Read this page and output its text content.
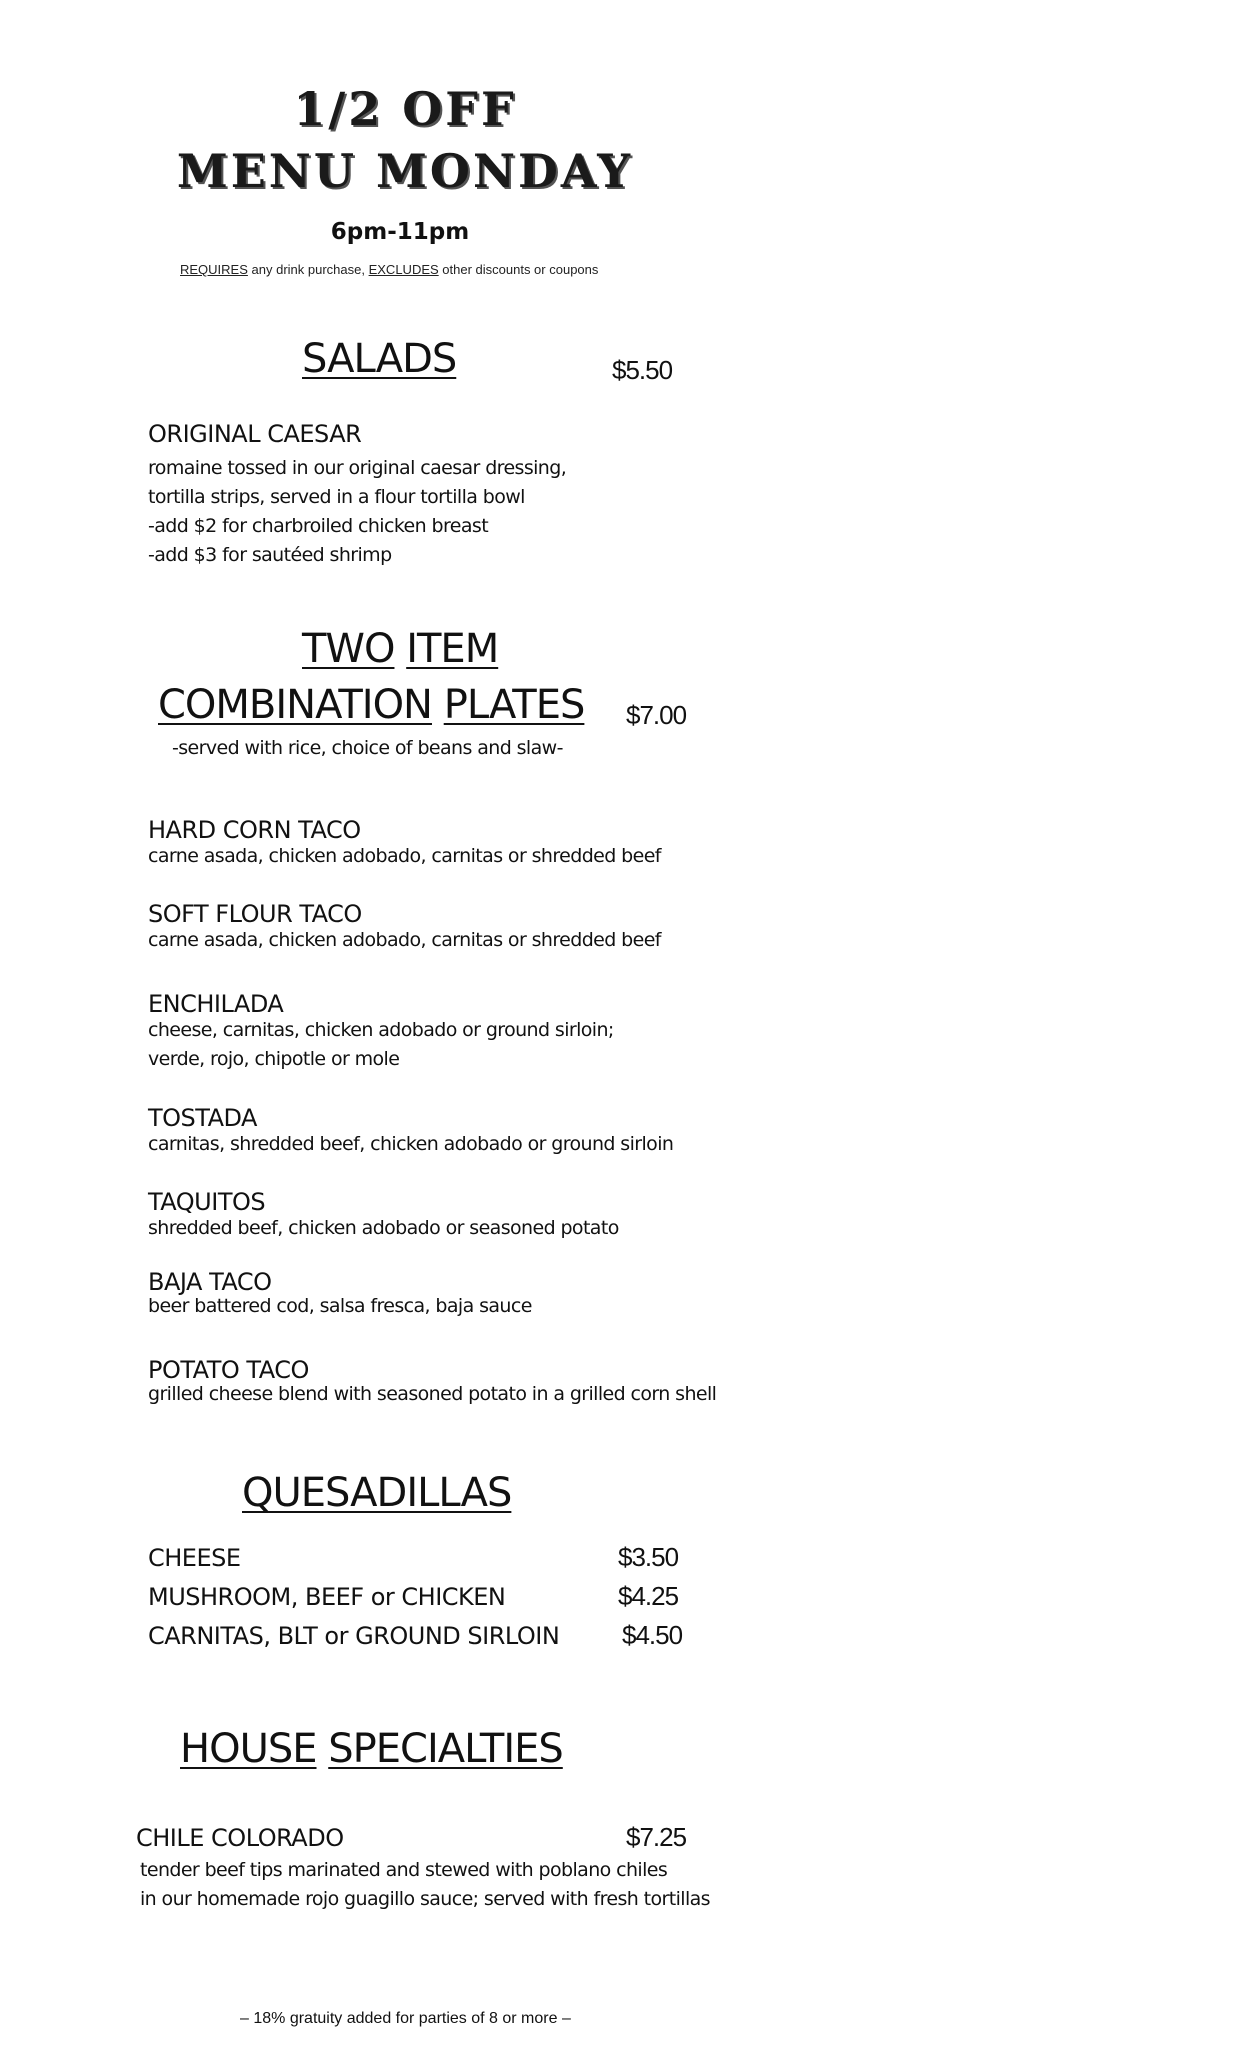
1/2 OFF
MENU MONDAY
6pm-11pm
REQUIRES any drink purchase, EXCLUDES other discounts or coupons
SALADS	$5.50
ORIGINAL CAESAR
romaine tossed in our original caesar dressing,
tortilla strips, served in a flour tortilla bowl
-add $2 for charbroiled chicken breast
-add $3 for sautéed shrimp
TWO ITEM
COMBINATION PLATES $7.00
-served with rice, choice of beans and slaw-
HARD CORN TACO
carne asada, chicken adobado, carnitas or shredded beef
SOFT FLOUR TACO
carne asada, chicken adobado, carnitas or shredded beef
ENCHILADA
cheese, carnitas, chicken adobado or ground sirloin;
verde, rojo, chipotle or mole
TOSTADA
carnitas, shredded beef, chicken adobado or ground sirloin
TAQUITOS
shredded beef, chicken adobado or seasoned potato
BAJA TACO
beer battered cod, salsa fresca, baja sauce
POTATO TACO
grilled cheese blend with seasoned potato in a grilled corn shell
QUESADILLAS
CHEESE	$3.50
MUSHROOM, BEEF or CHICKEN	$4.25
CARNITAS, BLT or GROUND SIRLOIN $4.50
HOUSE SPECIALTIES
CHILE COLORADO	$7.25
tender beef tips marinated and stewed with poblano chiles
in our homemade rojo guagillo sauce; served with fresh tortillas
– 18% gratuity added for parties of 8 or more –
